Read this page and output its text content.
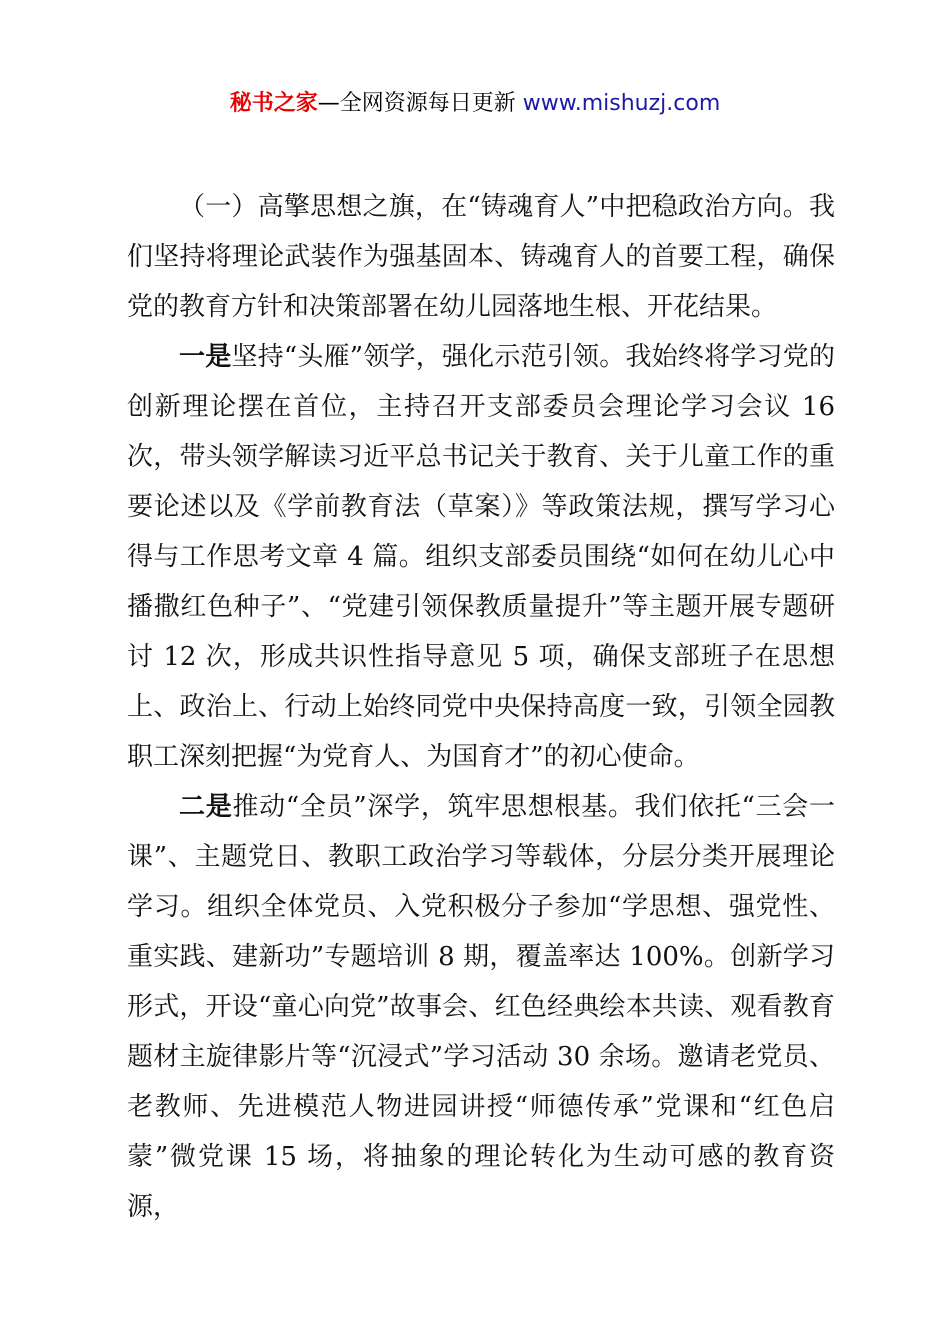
秘书之家—全网资源每日更新 www.mishuzj.com

（一）高擎思想之旗，在“铸魂育人”中把稳政治方向。我们坚持将理论武装作为强基固本、铸魂育人的首要工程，确保党的教育方针和决策部署在幼儿园落地生根、开花结果。

一是坚持“头雁”领学，强化示范引领。我始终将学习党的创新理论摆在首位，主持召开支部委员会理论学习会议 16 次，带头领学解读习近平总书记关于教育、关于儿童工作的重要论述以及《学前教育法（草案）》等政策法规，撰写学习心得与工作思考文章 4 篇。组织支部委员围绕“如何在幼儿心中播撒红色种子”、“党建引领保教质量提升”等主题开展专题研讨 12 次，形成共识性指导意见 5 项，确保支部班子在思想上、政治上、行动上始终同党中央保持高度一致，引领全园教职工深刻把握“为党育人、为国育才”的初心使命。

二是推动“全员”深学，筑牢思想根基。我们依托“三会一课”、主题党日、教职工政治学习等载体，分层分类开展理论学习。组织全体党员、入党积极分子参加“学思想、强党性、重实践、建新功”专题培训 8 期，覆盖率达 100%。创新学习形式，开设“童心向党”故事会、红色经典绘本共读、观看教育题材主旋律影片等“沉浸式”学习活动 30 余场。邀请老党员、老教师、先进模范人物进园讲授“师德传承”党课和“红色启蒙”微党课 15 场，将抽象的理论转化为生动可感的教育资源，
